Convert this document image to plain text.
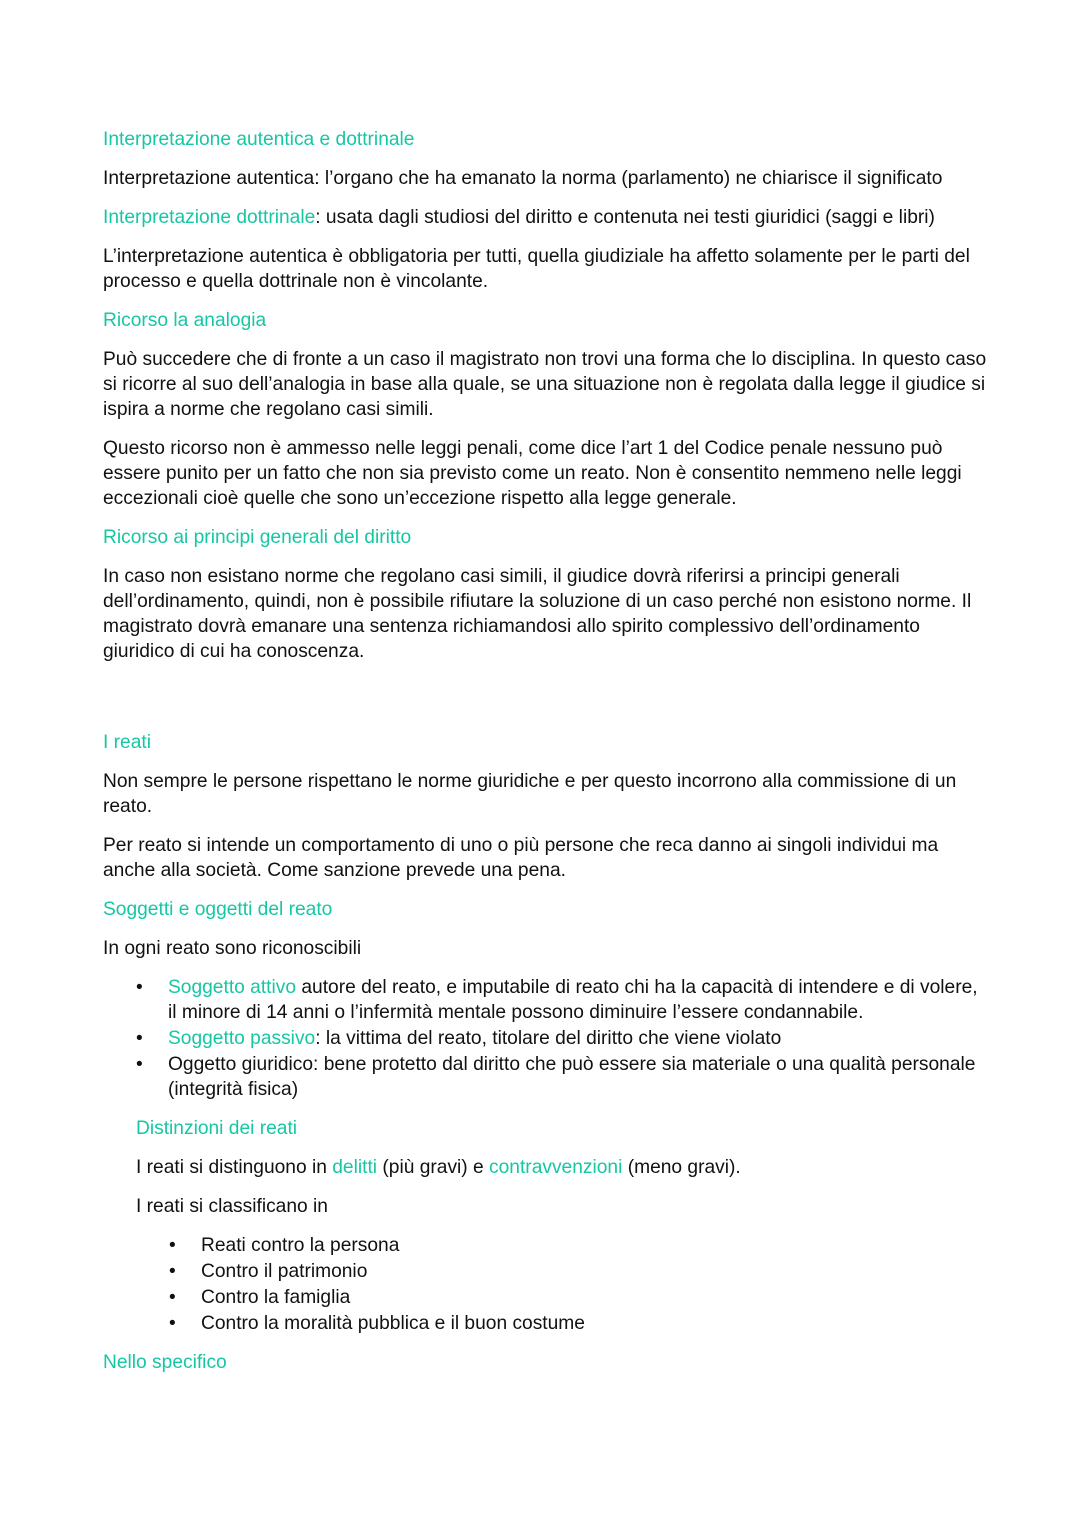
Interpretazione autentica e dottrinale

Interpretazione autentica: l’organo che ha emanato la norma (parlamento) ne chiarisce il significato

Interpretazione dottrinale: usata dagli studiosi del diritto e contenuta nei testi giuridici (saggi e libri)

L’interpretazione autentica è obbligatoria per tutti, quella giudiziale ha affetto solamente per le parti del processo e quella dottrinale non è vincolante.

Ricorso la analogia

Può succedere che di fronte a un caso il magistrato non trovi una forma che lo disciplina. In questo caso si ricorre al suo dell’analogia in base alla quale, se una situazione non è regolata dalla legge il giudice si ispira a norme che regolano casi simili.

Questo ricorso non è ammesso nelle leggi penali, come dice l’art 1 del Codice penale nessuno può essere punito per un fatto che non sia previsto come un reato. Non è consentito nemmeno nelle leggi eccezionali cioè quelle che sono un’eccezione rispetto alla legge generale.

Ricorso ai principi generali del diritto

In caso non esistano norme che regolano casi simili, il giudice dovrà riferirsi a principi generali dell’ordinamento, quindi, non è possibile rifiutare la soluzione di un caso perché non esistono norme. Il magistrato dovrà emanare una sentenza richiamandosi allo spirito complessivo dell’ordinamento giuridico di cui ha conoscenza.

I reati

Non sempre le persone rispettano le norme giuridiche e per questo incorrono alla commissione di un reato.

Per reato si intende un comportamento di uno o più persone che reca danno ai singoli individui ma anche alla società. Come sanzione prevede una pena.

Soggetti e oggetti del reato

In ogni reato sono riconoscibili

• Soggetto attivo autore del reato, e imputabile di reato chi ha la capacità di intendere e di volere, il minore di 14 anni o l’infermità mentale possono diminuire l’essere condannabile.
• Soggetto passivo: la vittima del reato, titolare del diritto che viene violato
• Oggetto giuridico: bene protetto dal diritto che può essere sia materiale o una qualità personale (integrità fisica)
Distinzioni dei reati

I reati si distinguono in delitti (più gravi) e contravvenzioni (meno gravi).

I reati si classificano in

• Reati contro la persona
• Contro il patrimonio
• Contro la famiglia
• Contro la moralità pubblica e il buon costume
Nello specifico
